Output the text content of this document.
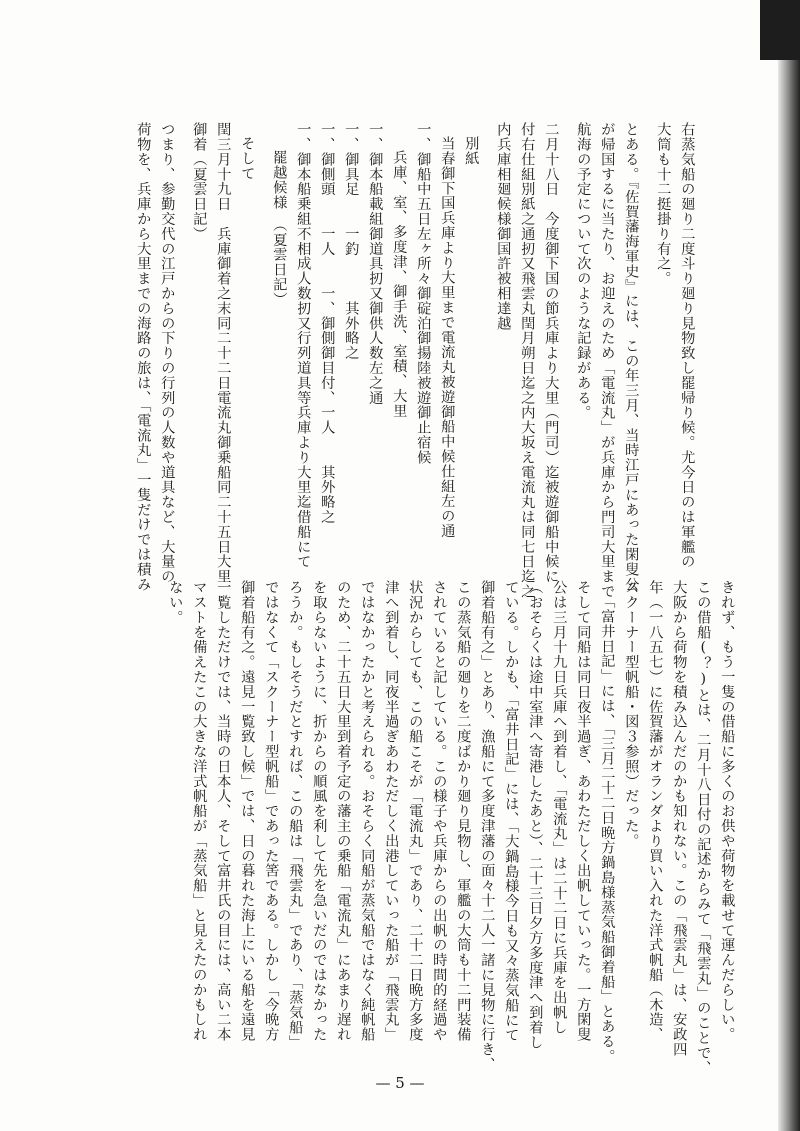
きれず、もう一隻の借船に多くのお供や荷物を載せて運んだらしい。
この借船(？)とは、二月十八日付の記述からみて「飛雲丸」のことで、
大阪から荷物を積み込んだのかも知れない。この「飛雲丸」は、安政四
年（一八五七）に佐賀藩がオランダより買い入れた洋式帆船（木造、
スクーナー型帆船・図３参照）だった。
「富井日記」には、「三月二十二日晩方鍋島様蒸気船御着船」とある。
そして同船は同日夜半過ぎ、あわただしく出帆していった。一方閑叟
公は三月十九日兵庫へ到着し、「電流丸」は二十二日に兵庫を出帆し
（おそらくは途中室津へ寄港したあと）、二十三日夕方多度津へ到着し
ている。しかも、「富井日記」には、「大鍋島様今日も又々蒸気船にて
御着船有之」とあり、漁船にて多度津藩の面々十二人一諸に見物に行き、
この蒸気船の廻りを二度ばかり廻り見物し、軍艦の大筒も十二門装備
されていると記している。この様子や兵庫からの出帆の時間的経過や
状況からしても、この船こそが「電流丸」であり、二十二日晩方多度
津へ到着し、同夜半過ぎあわただしく出港していった船が「飛雲丸」
ではなかったかと考えられる。おそらく同船が蒸気船ではなく純帆船
のため、二十五日大里到着予定の藩主の乗船「電流丸」にあまり遅れ
を取らないように、折からの順風を利して先を急いだのではなかった
ろうか。もしそうだとすれば、この船は「飛雲丸」であり、「蒸気船」
ではなくて「スクーナー型帆船」であった筈である。しかし「今晩方
御着船有之。遠見一覧致し候」では、日の暮れた海上にいる船を遠見
一覧しただけでは、当時の日本人、そして富井氏の目には、高い二本
マストを備えたこの大きな洋式帆船が「蒸気船」と見えたのかもしれ
ない。
右蒸気船の廻り二度斗り廻り見物致し罷帰り候。尤今日のは軍艦の
大筒も十二挺掛り有之。
とある。『佐賀藩海軍史』には、この年三月、当時江戸にあった閑叟公
が帰国するに当たり、お迎えのため「電流丸」が兵庫から門司大里まで
航海の予定について次のような記録がある。
二月十八日　今度御下国の節兵庫より大里（門司）迄被遊御船中候に
付右仕組別紙之通扨又飛雲丸閏月朔日迄之内大坂え電流丸は同七日迄之
内兵庫相廻候様御国許被相達越
別紙
当春御下国兵庫より大里まで電流丸被遊御船中候仕組左の通
一、御船中五日左ヶ所々御碇泊御揚陸被遊御止宿候
兵庫、室、多度津、御手洗、室積、大里
一、御本船載組御道具扨又御供人数左之通
一、御具足　　一釣　　　其外略之
一、御側頭　　一人　　一、御側御目付、一人　　其外略之
一、御本船乗組不相成人数扨又行列道具等兵庫より大里迄借船にて
罷越候様　（夏雲日記）
そして
閏三月十九日　兵庫御着之末同二十二日電流丸御乗船同二十五日大里
御着（夏雲日記）
つまり、参勤交代の江戸からの下りの行列の人数や道具など、大量の
荷物を、兵庫から大里までの海路の旅は、「電流丸」一隻だけでは積み
— 5 —
